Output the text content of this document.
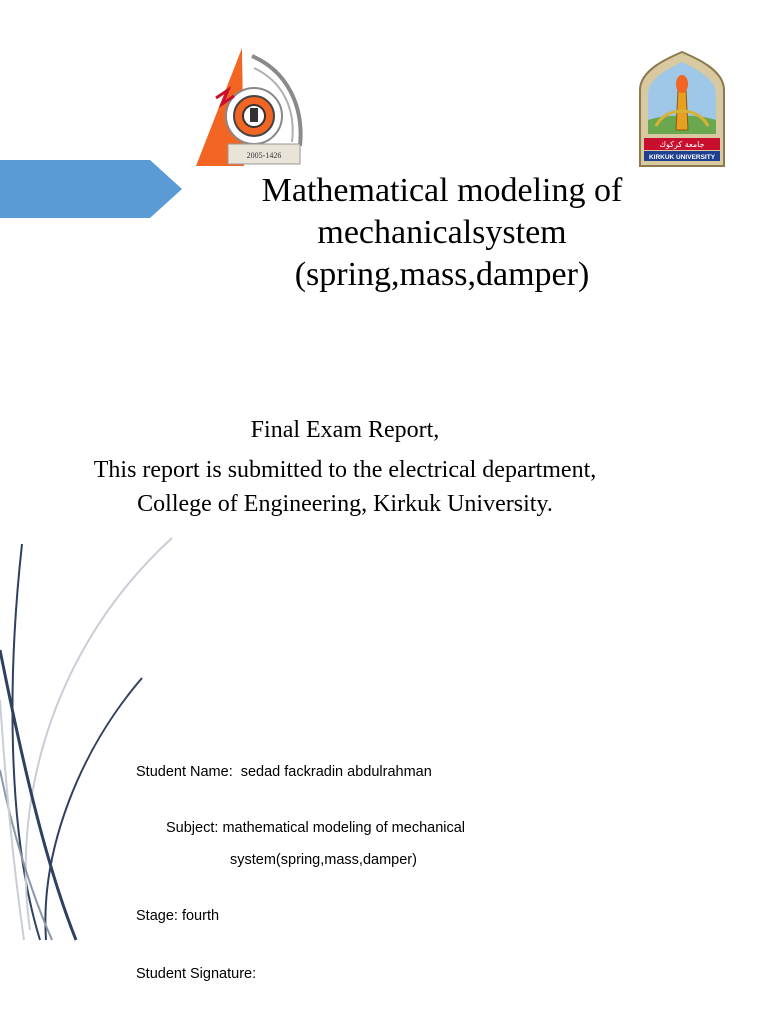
2005-1426
جامعة كركوك
KIRKUK UNIVERSITY
Mathematical modeling of
mechanicalsystem
(spring,mass,damper)
Final Exam Report,
This report is submitted to the electrical department,
College of Engineering, Kirkuk University.
Student Name: sedad fackradin abdulrahman
Subject: mathematical modeling of mechanical
system(spring,mass,damper)
Stage: fourth
Student Signature:
